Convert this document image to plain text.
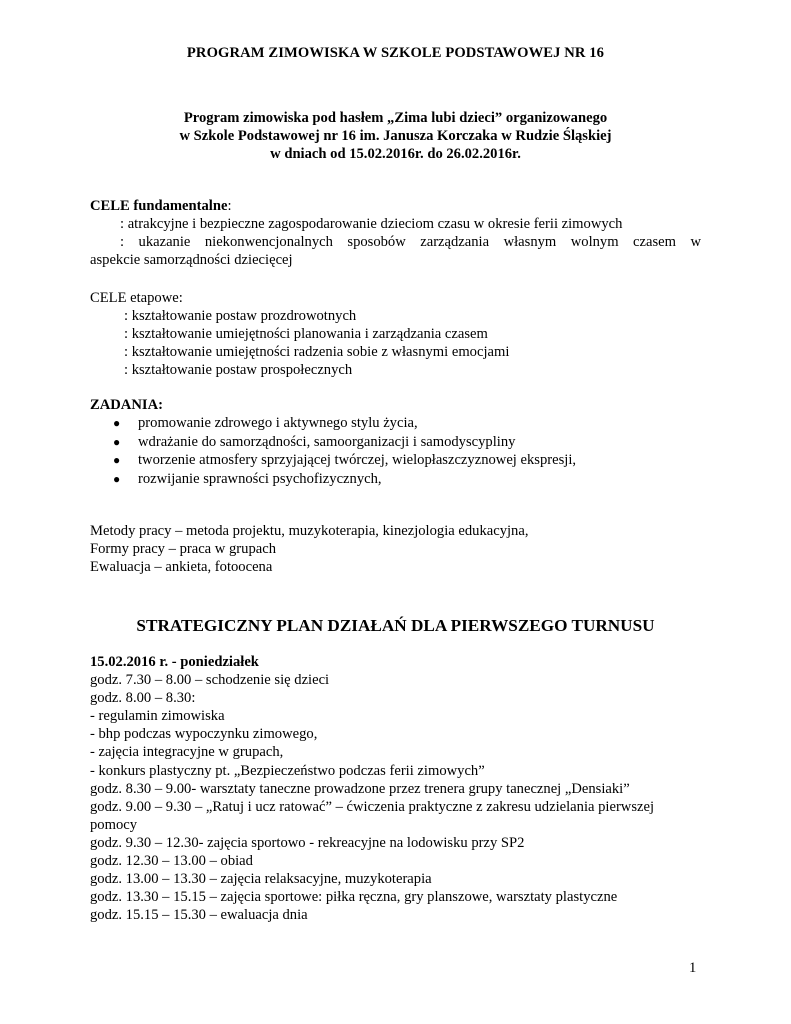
PROGRAM ZIMOWISKA W SZKOLE PODSTAWOWEJ NR 16
Program zimowiska pod hasłem „Zima lubi dzieci” organizowanego
w Szkole Podstawowej nr 16 im. Janusza Korczaka w Rudzie Śląskiej
w dniach od 15.02.2016r. do 26.02.2016r.
CELE fundamentalne:
: atrakcyjne i bezpieczne zagospodarowanie dzieciom czasu w okresie ferii zimowych
: ukazanie niekonwencjonalnych sposobów zarządzania własnym wolnym czasem w
aspekcie samorządności dziecięcej
CELE etapowe:
: kształtowanie postaw prozdrowotnych
: kształtowanie umiejętności planowania i zarządzania czasem
: kształtowanie umiejętności radzenia sobie z własnymi emocjami
: kształtowanie postaw prospołecznych
ZADANIA:
● promowanie zdrowego i aktywnego stylu życia,
● wdrażanie do samorządności, samoorganizacji i samodyscypliny
● tworzenie atmosfery sprzyjającej twórczej, wielopłaszczyznowej ekspresji,
● rozwijanie sprawności psychofizycznych,
Metody pracy – metoda projektu, muzykoterapia, kinezjologia edukacyjna,
Formy pracy – praca w grupach
Ewaluacja – ankieta, fotoocena
STRATEGICZNY PLAN DZIAŁAŃ DLA PIERWSZEGO TURNUSU
15.02.2016 r. - poniedziałek
godz. 7.30 – 8.00 – schodzenie się dzieci
godz. 8.00 – 8.30:
- regulamin zimowiska
- bhp podczas wypoczynku zimowego,
- zajęcia integracyjne w grupach,
- konkurs plastyczny pt. „Bezpieczeństwo podczas ferii zimowych”
godz. 8.30 – 9.00- warsztaty taneczne prowadzone przez trenera grupy tanecznej „Densiaki”
godz. 9.00 – 9.30 – „Ratuj i ucz ratować” – ćwiczenia praktyczne z zakresu udzielania pierwszej
pomocy
godz. 9.30 – 12.30- zajęcia sportowo - rekreacyjne na lodowisku przy SP2
godz. 12.30 – 13.00 – obiad
godz. 13.00 – 13.30 – zajęcia relaksacyjne, muzykoterapia
godz. 13.30 – 15.15 – zajęcia sportowe: piłka ręczna, gry planszowe, warsztaty plastyczne
godz. 15.15 – 15.30 – ewaluacja dnia
1
